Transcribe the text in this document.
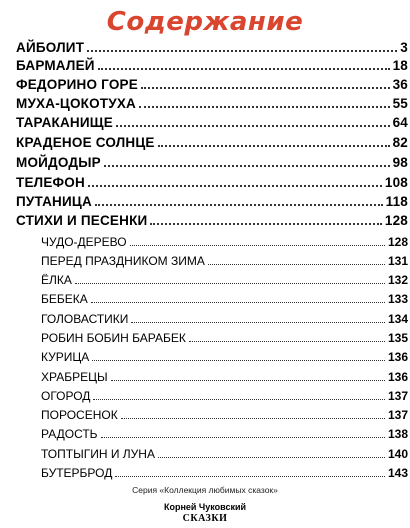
Содержание
АЙБОЛИТ	3
БАРМАЛЕЙ	18
ФЕДОРИНО ГОРЕ	36
МУХА-ЦОКОТУХА	55
ТАРАКАНИЩЕ	64
КРАДЕНОЕ СОЛНЦЕ	82
МОЙДОДЫР	98
ТЕЛЕФОН	108
ПУТАНИЦА	118
СТИХИ И ПЕСЕНКИ	128
ЧУДО-ДЕРЕВО	128
ПЕРЕД ПРАЗДНИКОМ ЗИМА	131
ЁЛКА	132
БЕБЕКА	133
ГОЛОВАСТИКИ	134
РОБИН БОБИН БАРАБЕК	135
КУРИЦА	136
ХРАБРЕЦЫ	136
ОГОРОД	137
ПОРОСЕНОК	137
РАДОСТЬ	138
ТОПТЫГИН И ЛУНА	140
БУТЕРБРОД	143
Серия «Коллекция любимых сказок»
Корней Чуковский
СКАЗКИ
